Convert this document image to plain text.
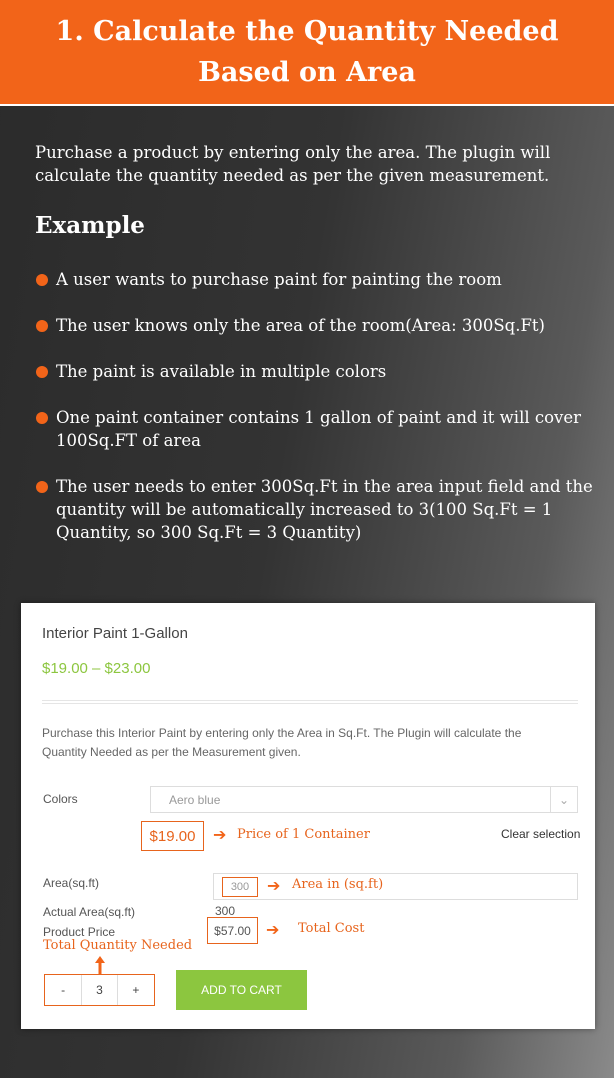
1. Calculate the Quantity Needed Based on Area

Purchase a product by entering only the area. The plugin will calculate the quantity needed as per the given measurement.

Example
A user wants to purchase paint for painting the room
The user knows only the area of the room(Area: 300Sq.Ft)
The paint is available in multiple colors
One paint container contains 1 gallon of paint and it will cover 100Sq.FT of area
The user needs to enter 300Sq.Ft in the area input field and the quantity will be automatically increased to 3(100 Sq.Ft = 1 Quantity, so 300 Sq.Ft = 3 Quantity)
Interior Paint 1-Gallon
$19.00 – $23.00
Purchase this Interior Paint by entering only the Area in Sq.Ft. The Plugin will calculate the Quantity Needed as per the Measurement given.
Colors	Aero blue	⌄
$19.00	➔ Price of 1 Container	Clear selection
Area(sq.ft)	300	➔ Area in (sq.ft)
Actual Area(sq.ft)	300
Product Price	$57.00 ➔ Total Cost
Total Quantity Needed
-	3	+	ADD TO CART
